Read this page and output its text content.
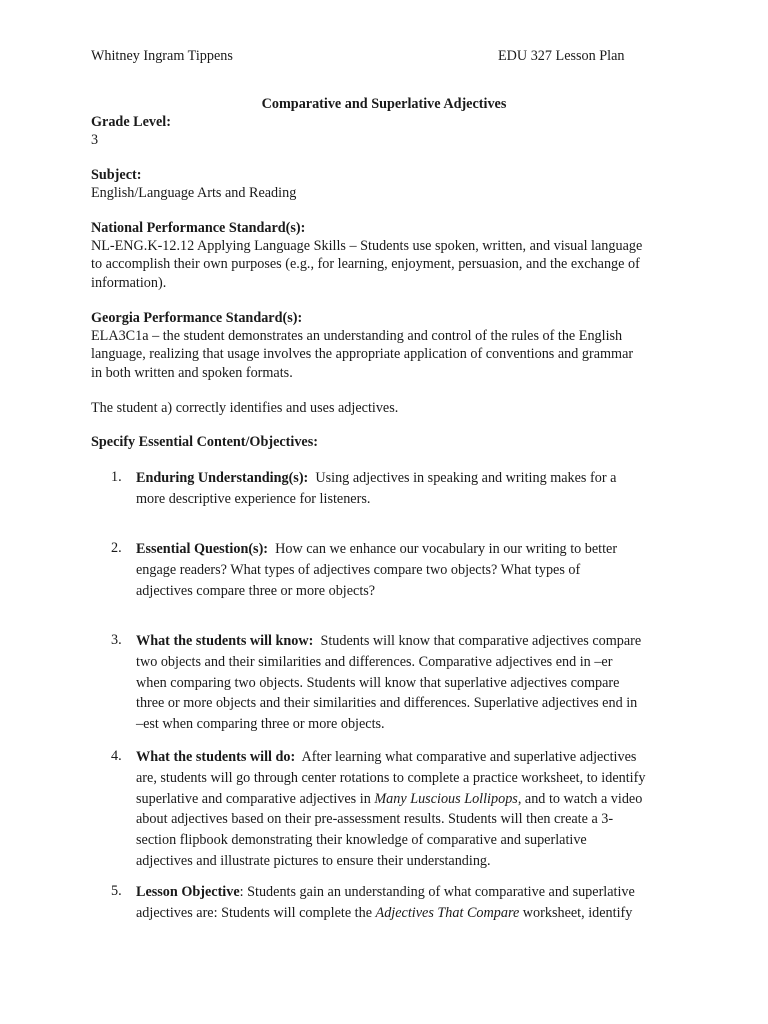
Whitney Ingram Tippens	EDU 327 Lesson Plan
Comparative and Superlative Adjectives

Grade Level:

3

Subject:

English/Language Arts and Reading

National Performance Standard(s):

NL-ENG.K-12.12 Applying Language Skills – Students use spoken, written, and visual language

to accomplish their own purposes (e.g., for learning, enjoyment, persuasion, and the exchange of

information).

Georgia Performance Standard(s):

ELA3C1a – the student demonstrates an understanding and control of the rules of the English

language, realizing that usage involves the appropriate application of conventions and grammar

in both written and spoken formats.

The student a) correctly identifies and uses adjectives.
Specify Essential Content/Objectives:
1. Enduring Understanding(s):  Using adjectives in speaking and writing makes for a
more descriptive experience for listeners.
2. Essential Question(s):  How can we enhance our vocabulary in our writing to better
engage readers? What types of adjectives compare two objects? What types of
adjectives compare three or more objects?
3. What the students will know:  Students will know that comparative adjectives compare
two objects and their similarities and differences. Comparative adjectives end in –er
when comparing two objects. Students will know that superlative adjectives compare
three or more objects and their similarities and differences. Superlative adjectives end in
–est when comparing three or more objects.
4. What the students will do:  After learning what comparative and superlative adjectives
are, students will go through center rotations to complete a practice worksheet, to identify
superlative and comparative adjectives in Many Luscious Lollipops, and to watch a video
about adjectives based on their pre-assessment results. Students will then create a 3-
section flipbook demonstrating their knowledge of comparative and superlative
adjectives and illustrate pictures to ensure their understanding.
5. Lesson Objective: Students gain an understanding of what comparative and superlative
adjectives are: Students will complete the Adjectives That Compare worksheet, identify
